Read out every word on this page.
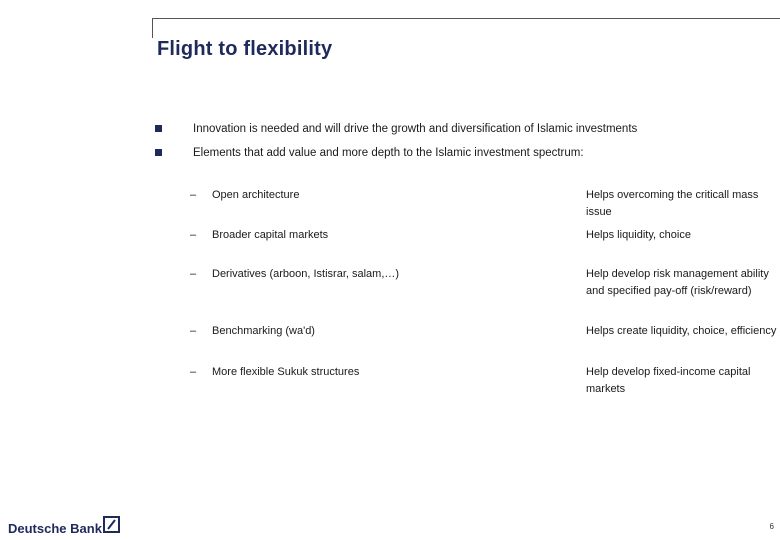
Flight to flexibility
Innovation is needed and will drive the growth and diversification of Islamic investments
Elements that add value and more depth to the Islamic investment spectrum:
– Open architecture	Helps overcoming the criticall mass issue
– Broader capital markets	Helps liquidity, choice
– Derivatives (arboon, Istisrar, salam,…)	Help develop risk management ability and specified pay-off (risk/reward)
– Benchmarking (wa'd)	Helps create liquidity, choice, efficiency
– More flexible Sukuk structures	Help develop fixed-income capital markets
Deutsche Bank	6
